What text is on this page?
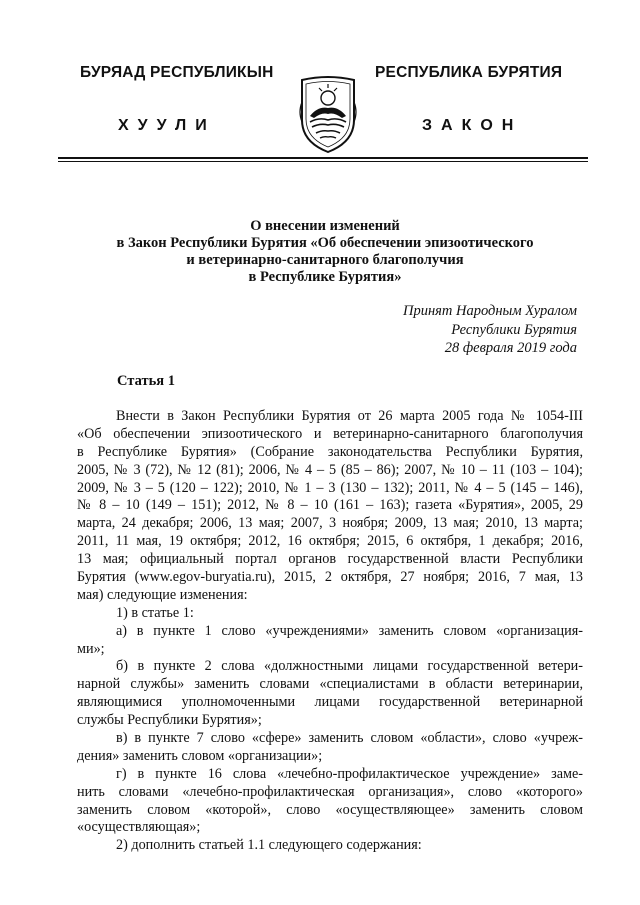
БУРЯАД РЕСПУБЛИКЫН	РЕСПУБЛИКА БУРЯТИЯ
ХУУЛИ	ЗАКОН
О внесении изменений
в Закон Республики Бурятия «Об обеспечении эпизоотического
и ветеринарно-санитарного благополучия
в Республике Бурятия»
Принят Народным Хуралом
Республики Бурятия
28 февраля 2019 года
Статья 1
Внести в Закон Республики Бурятия от 26 марта 2005 года № 1054-III
«Об обеспечении эпизоотического и ветеринарно-санитарного благополучия
в Республике Бурятия» (Собрание законодательства Республики Бурятия,
2005, № 3 (72), № 12 (81); 2006, № 4 – 5 (85 – 86); 2007, № 10 – 11 (103 – 104);
2009, № 3 – 5 (120 – 122); 2010, № 1 – 3 (130 – 132); 2011, № 4 – 5 (145 – 146),
№ 8 – 10 (149 – 151); 2012, № 8 – 10 (161 – 163); газета «Бурятия», 2005, 29
марта, 24 декабря; 2006, 13 мая; 2007, 3 ноября; 2009, 13 мая; 2010, 13 марта;
2011, 11 мая, 19 октября; 2012, 16 октября; 2015, 6 октября, 1 декабря; 2016,
13 мая; официальный портал органов государственной власти Республики
Бурятия (www.egov-buryatia.ru), 2015, 2 октября, 27 ноября; 2016, 7 мая, 13
мая) следующие изменения:
1) в статье 1:
а) в пункте 1 слово «учреждениями» заменить словом «организация-
ми»;
б) в пункте 2 слова «должностными лицами государственной ветери-
нарной службы» заменить словами «специалистами в области ветеринарии,
являющимися уполномоченными лицами государственной ветеринарной
службы Республики Бурятия»;
в) в пункте 7 слово «сфере» заменить словом «области», слово «учреж-
дения» заменить словом «организации»;
г) в пункте 16 слова «лечебно-профилактическое учреждение» заме-
нить словами «лечебно-профилактическая организация», слово «которого»
заменить словом «которой», слово «осуществляющее» заменить словом
«осуществляющая»;
2) дополнить статьей 1.1 следующего содержания:
